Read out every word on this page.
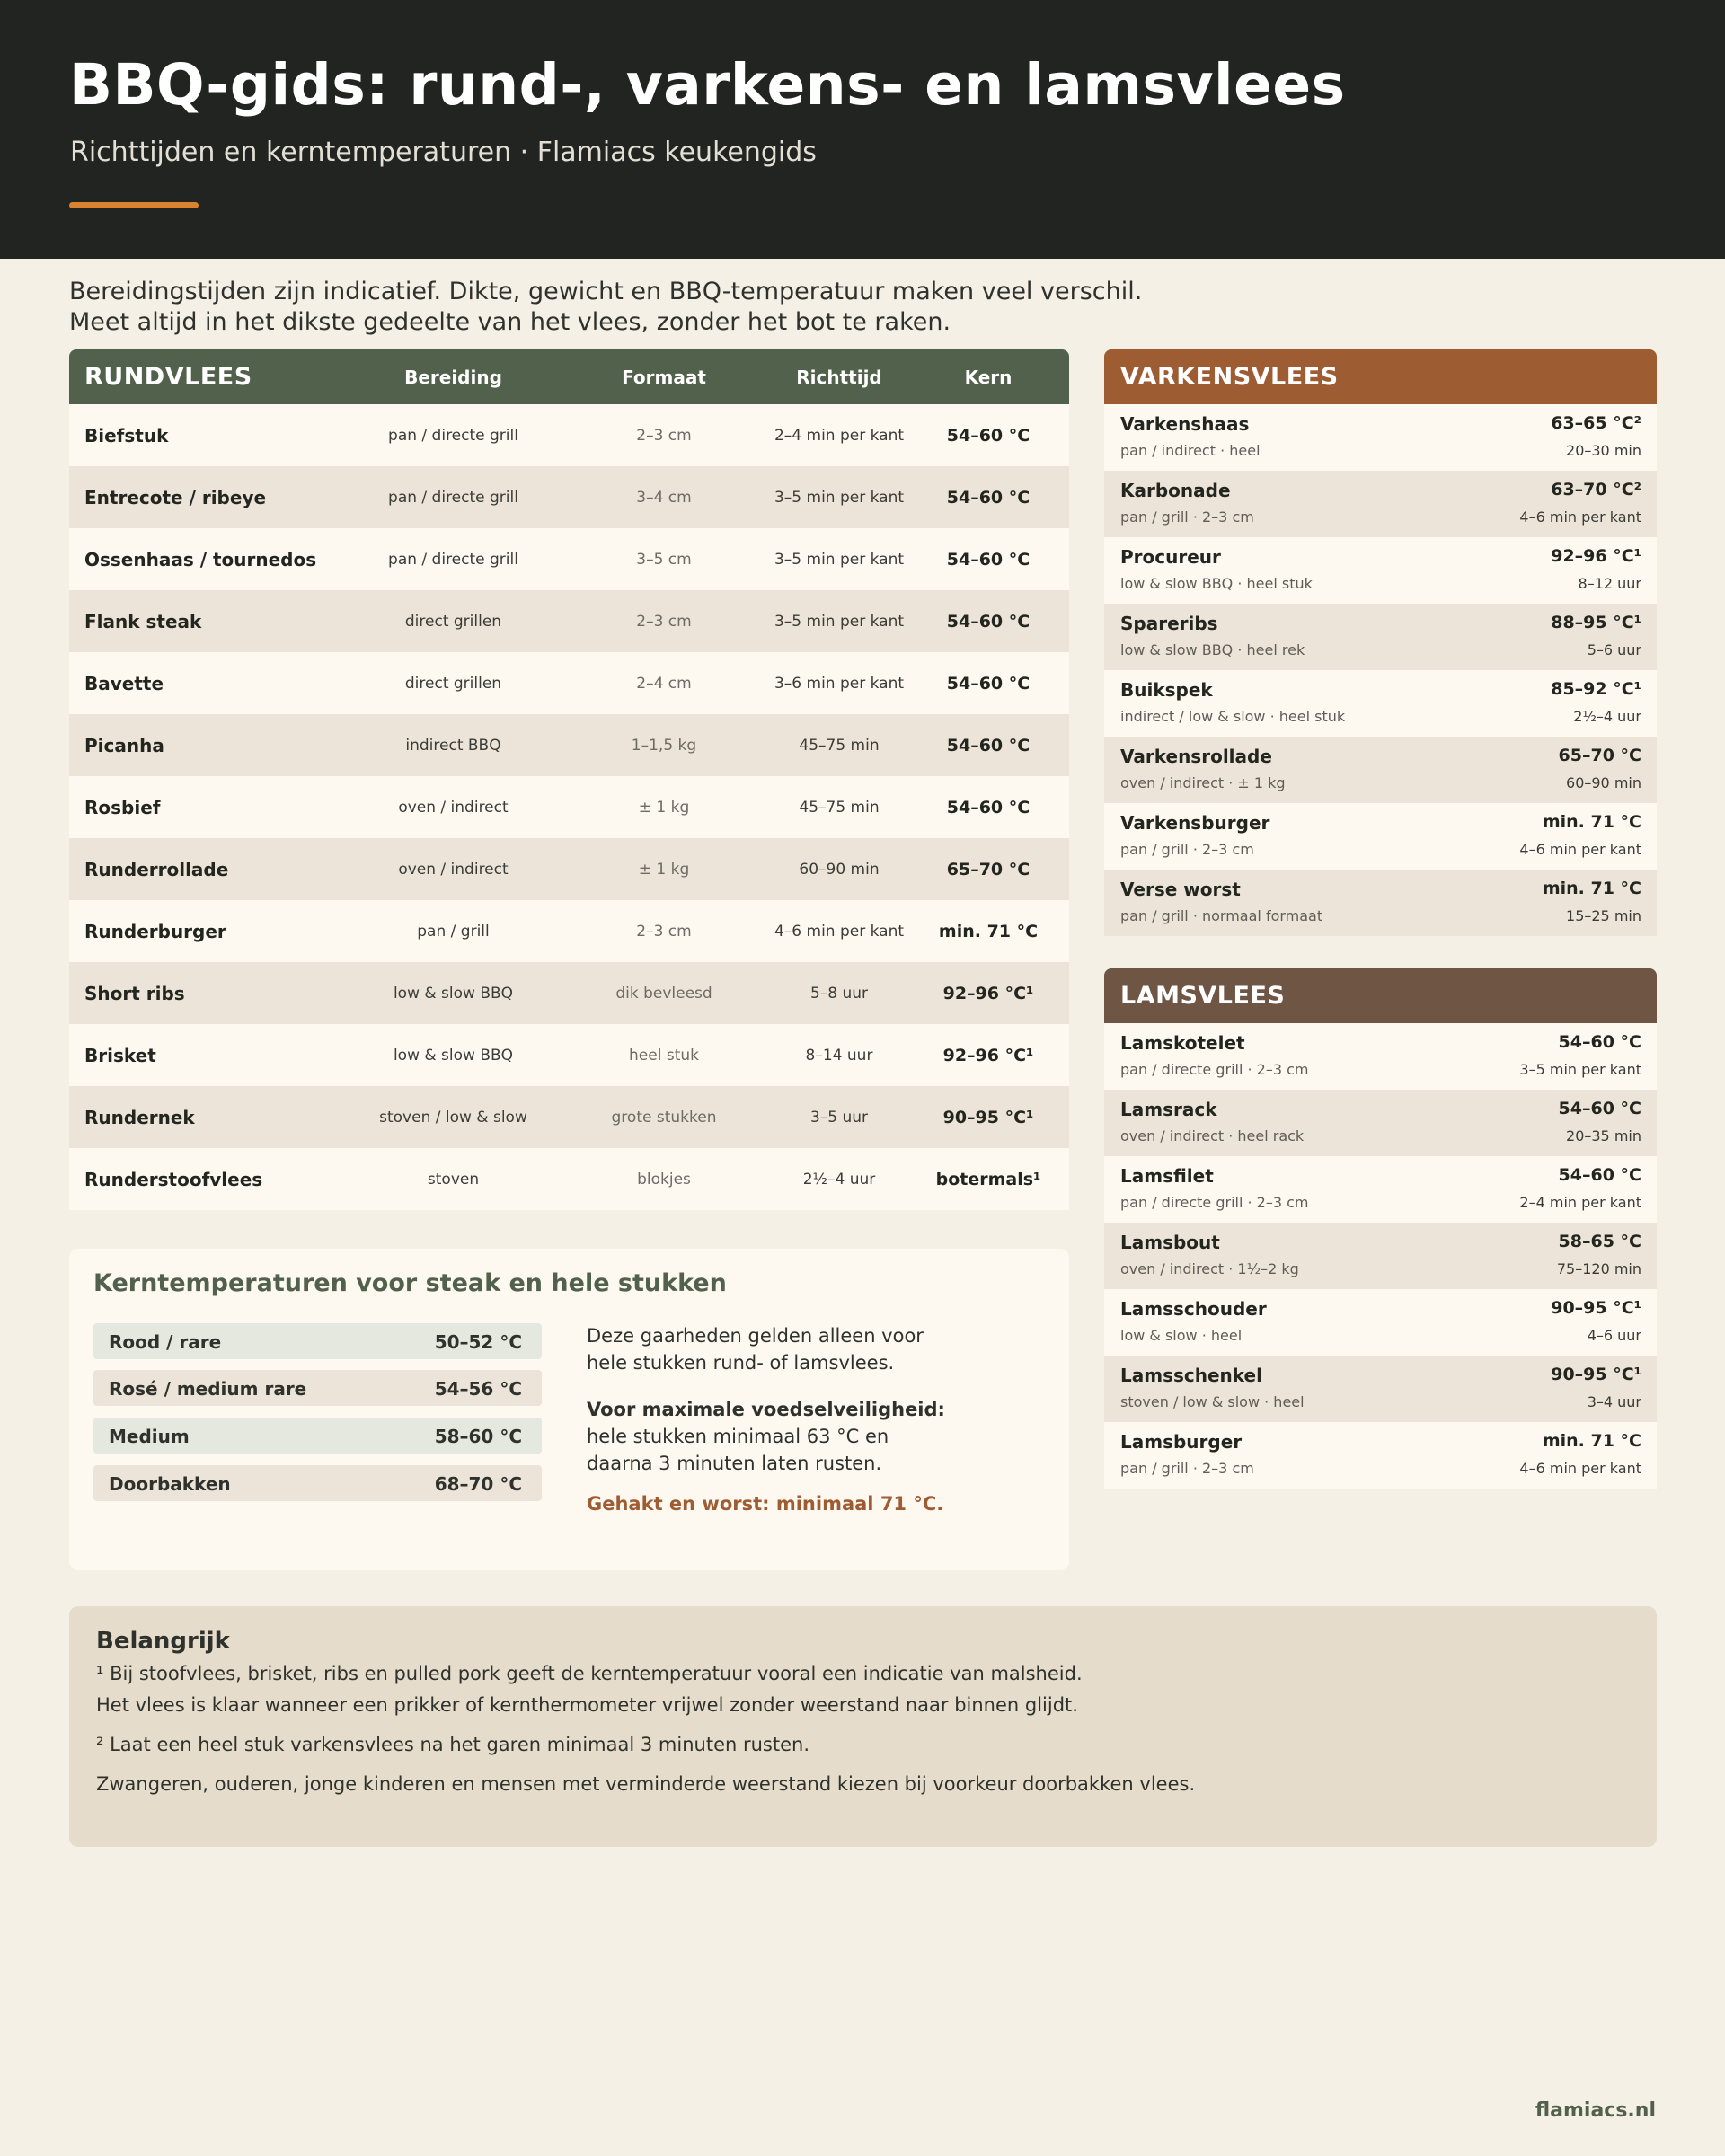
BBQ-gids: rund-, varkens- en lamsvlees
Richttijden en kerntemperaturen · Flamiacs keukengids
Bereidingstijden zijn indicatief. Dikte, gewicht en BBQ-temperatuur maken veel verschil.
Meet altijd in het dikste gedeelte van het vlees, zonder het bot te raken.
RUNDVLEES	Bereiding	Formaat	Richttijd	Kern
Biefstuk	pan / directe grill	2–3 cm	2–4 min per kant	54–60 °C
Entrecote / ribeye	pan / directe grill	3–4 cm	3–5 min per kant	54–60 °C
Ossenhaas / tournedos	pan / directe grill	3–5 cm	3–5 min per kant	54–60 °C
Flank steak	direct grillen	2–3 cm	3–5 min per kant	54–60 °C
Bavette	direct grillen	2–4 cm	3–6 min per kant	54–60 °C
Picanha	indirect BBQ	1–1,5 kg	45–75 min	54–60 °C
Rosbief	oven / indirect	± 1 kg	45–75 min	54–60 °C
Runderrollade	oven / indirect	± 1 kg	60–90 min	65–70 °C
Runderburger	pan / grill	2–3 cm	4–6 min per kant	min. 71 °C
Short ribs	low & slow BBQ	dik bevleesd	5–8 uur	92–96 °C¹
Brisket	low & slow BBQ	heel stuk	8–14 uur	92–96 °C¹
Rundernek	stoven / low & slow	grote stukken	3–5 uur	90–95 °C¹
Runderstoofvlees	stoven	blokjes	2½–4 uur	botermals¹
VARKENSVLEES
Varkenshaas	63–65 °C²
pan / indirect · heel	20–30 min
Karbonade	63–70 °C²
pan / grill · 2–3 cm	4–6 min per kant
Procureur	92–96 °C¹
low & slow BBQ · heel stuk	8–12 uur
Spareribs	88–95 °C¹
low & slow BBQ · heel rek	5–6 uur
Buikspek	85–92 °C¹
indirect / low & slow · heel stuk	2½–4 uur
Varkensrollade	65–70 °C
oven / indirect · ± 1 kg	60–90 min
Varkensburger	min. 71 °C
pan / grill · 2–3 cm	4–6 min per kant
Verse worst	min. 71 °C
pan / grill · normaal formaat	15–25 min
LAMSVLEES
Lamskotelet	54–60 °C
pan / directe grill · 2–3 cm	3–5 min per kant
Lamsrack	54–60 °C
oven / indirect · heel rack	20–35 min
Lamsfilet	54–60 °C
pan / directe grill · 2–3 cm	2–4 min per kant
Lamsbout	58–65 °C
oven / indirect · 1½–2 kg	75–120 min
Lamsschouder	90–95 °C¹
low & slow · heel	4–6 uur
Lamsschenkel	90–95 °C¹
stoven / low & slow · heel	3–4 uur
Lamsburger	min. 71 °C
pan / grill · 2–3 cm	4–6 min per kant
Kerntemperaturen voor steak en hele stukken
Rood / rare	50–52 °C
Rosé / medium rare	54–56 °C
Medium	58–60 °C
Doorbakken	68–70 °C
Deze gaarheden gelden alleen voor
hele stukken rund- of lamsvlees.
Voor maximale voedselveiligheid:
hele stukken minimaal 63 °C en
daarna 3 minuten laten rusten.
Gehakt en worst: minimaal 71 °C.
Belangrijk
¹ Bij stoofvlees, brisket, ribs en pulled pork geeft de kerntemperatuur vooral een indicatie van malsheid.
Het vlees is klaar wanneer een prikker of kernthermometer vrijwel zonder weerstand naar binnen glijdt.
² Laat een heel stuk varkensvlees na het garen minimaal 3 minuten rusten.
Zwangeren, ouderen, jonge kinderen en mensen met verminderde weerstand kiezen bij voorkeur doorbakken vlees.
flamiacs.nl
